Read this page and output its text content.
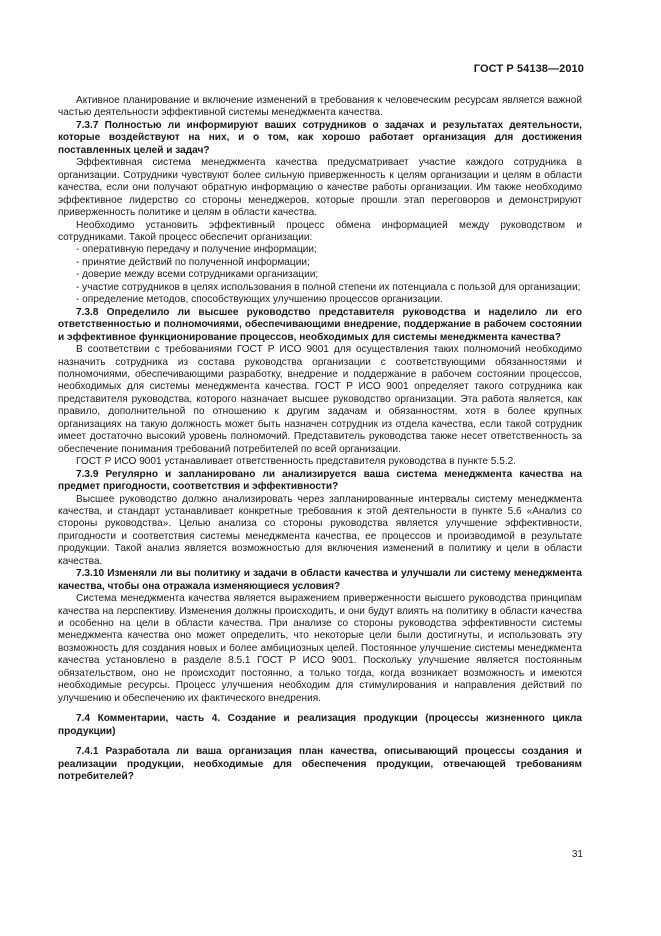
ГОСТ Р 54138—2010

Активное планирование и включение изменений в требования к человеческим ресурсам является важной частью деятельности эффективной системы менеджмента качества.

7.3.7 Полностью ли информируют ваших сотрудников о задачах и результатах деятельности, которые воздействуют на них, и о том, как хорошо работает организация для достижения поставленных целей и задач?

Эффективная система менеджмента качества предусматривает участие каждого сотрудника в организации. Сотрудники чувствуют более сильную приверженность к целям организации и целям в области качества, если они получают обратную информацию о качестве работы организации. Им также необходимо эффективное лидерство со стороны менеджеров, которые прошли этап переговоров и демонстрируют приверженность политике и целям в области качества.

Необходимо установить эффективный процесс обмена информацией между руководством и сотрудниками. Такой процесс обеспечит организации:

- оперативную передачу и получение информации;
- принятие действий по полученной информации;
- доверие между всеми сотрудниками организации;
- участие сотрудников в целях использования в полной степени их потенциала с пользой для организации;
- определение методов, способствующих улучшению процессов организации.

7.3.8 Определило ли высшее руководство представителя руководства и наделило ли его ответственностью и полномочиями, обеспечивающими внедрение, поддержание в рабочем состоянии и эффективное функционирование процессов, необходимых для системы менеджмента качества?

В соответствии с требованиями ГОСТ Р ИСО 9001 для осуществления таких полномочий необходимо назначить сотрудника из состава руководства организации с соответствующими обязанностями и полномочиями, обеспечивающими разработку, внедрение и поддержание в рабочем состоянии процессов, необходимых для системы менеджмента качества. ГОСТ Р ИСО 9001 определяет такого сотрудника как представителя руководства, которого назначает высшее руководство организации. Эта работа является, как правило, дополнительной по отношению к другим задачам и обязанностям, хотя в более крупных организациях на такую должность может быть назначен сотрудник из отдела качества, если такой сотрудник имеет достаточно высокий уровень полномочий. Представитель руководства также несет ответственность за обеспечение понимания требований потребителей по всей организации.

ГОСТ Р ИСО 9001 устанавливает ответственность представителя руководства в пункте 5.5.2.

7.3.9 Регулярно и запланировано ли анализируется ваша система менеджмента качества на предмет пригодности, соответствия и эффективности?

Высшее руководство должно анализировать через запланированные интервалы систему менеджмента качества, и стандарт устанавливает конкретные требования к этой деятельности в пункте 5.6 «Анализ со стороны руководства». Целью анализа со стороны руководства является улучшение эффективности, пригодности и соответствия системы менеджмента качества, ее процессов и производимой в результате продукции. Такой анализ является возможностью для включения изменений в политику и цели в области качества.

7.3.10 Изменяли ли вы политику и задачи в области качества и улучшали ли систему менеджмента качества, чтобы она отражала изменяющиеся условия?

Система менеджмента качества является выражением приверженности высшего руководства принципам качества на перспективу. Изменения должны происходить, и они будут влиять на политику в области качества и особенно на цели в области качества. При анализе со стороны руководства эффективности системы менеджмента качества оно может определить, что некоторые цели были достигнуты, и использовать эту возможность для создания новых и более амбициозных целей. Постоянное улучшение системы менеджмента качества установлено в разделе 8.5.1 ГОСТ Р ИСО 9001. Поскольку улучшение является постоянным обязательством, оно не происходит постоянно, а только тогда, когда возникает возможность и имеются необходимые ресурсы. Процесс улучшения необходим для стимулирования и направления действий по улучшению и обеспечению их фактического внедрения.

7.4 Комментарии, часть 4. Создание и реализация продукции (процессы жизненного цикла продукции)

7.4.1 Разработала ли ваша организация план качества, описывающий процессы создания и реализации продукции, необходимые для обеспечения продукции, отвечающей требованиям потребителей?

31
